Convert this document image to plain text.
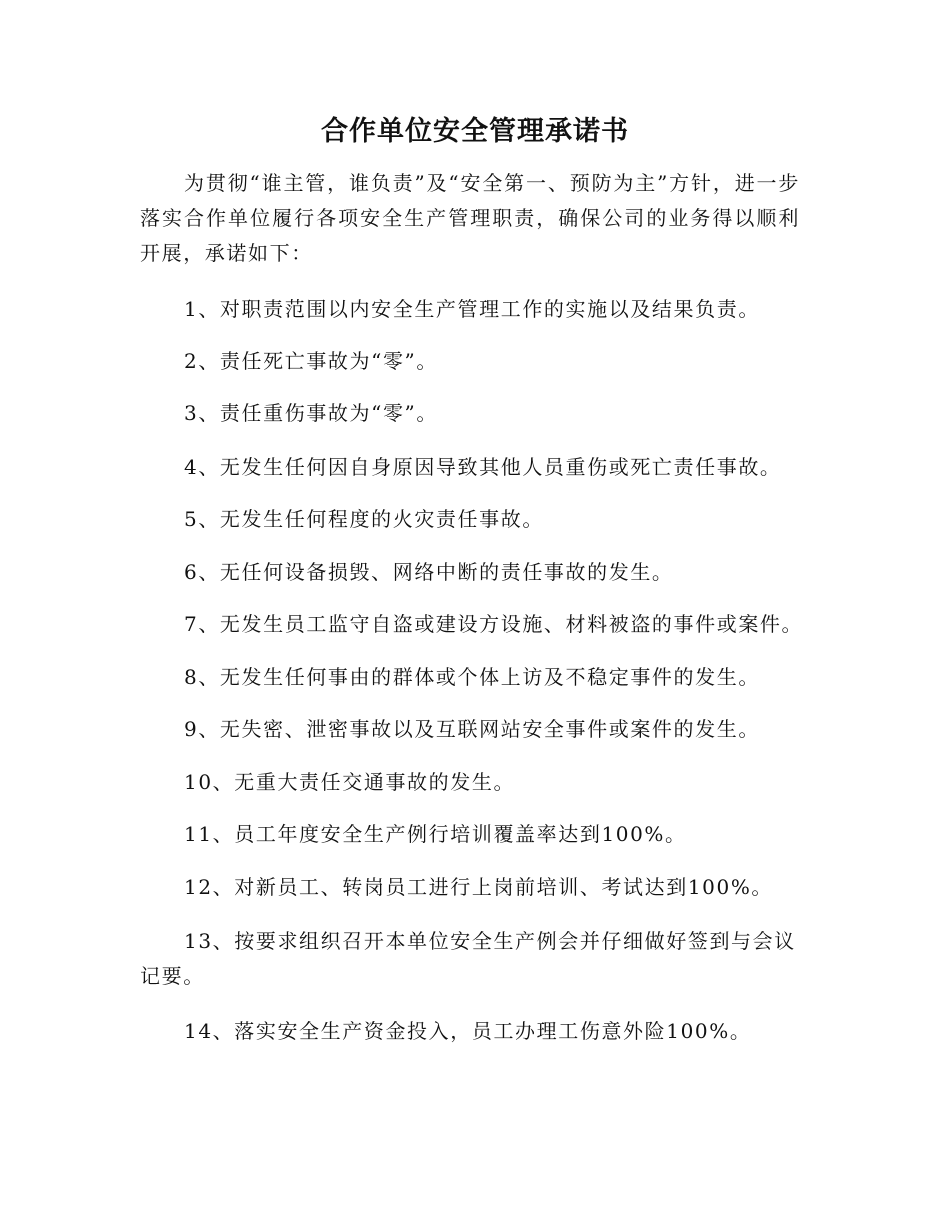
合作单位安全管理承诺书

为贯彻“谁主管，谁负责”及“安全第一、预防为主”方针，进一步落实合作单位履行各项安全生产管理职责，确保公司的业务得以顺利开展，承诺如下：

1、对职责范围以内安全生产管理工作的实施以及结果负责。

2、责任死亡事故为“零”。

3、责任重伤事故为“零”。

4、无发生任何因自身原因导致其他人员重伤或死亡责任事故。

5、无发生任何程度的火灾责任事故。

6、无任何设备损毁、网络中断的责任事故的发生。

7、无发生员工监守自盗或建设方设施、材料被盗的事件或案件。

8、无发生任何事由的群体或个体上访及不稳定事件的发生。

9、无失密、泄密事故以及互联网站安全事件或案件的发生。

10、无重大责任交通事故的发生。

11、员工年度安全生产例行培训覆盖率达到100%。

12、对新员工、转岗员工进行上岗前培训、考试达到100%。

13、按要求组织召开本单位安全生产例会并仔细做好签到与会议记要。

14、落实安全生产资金投入，员工办理工伤意外险100%。
